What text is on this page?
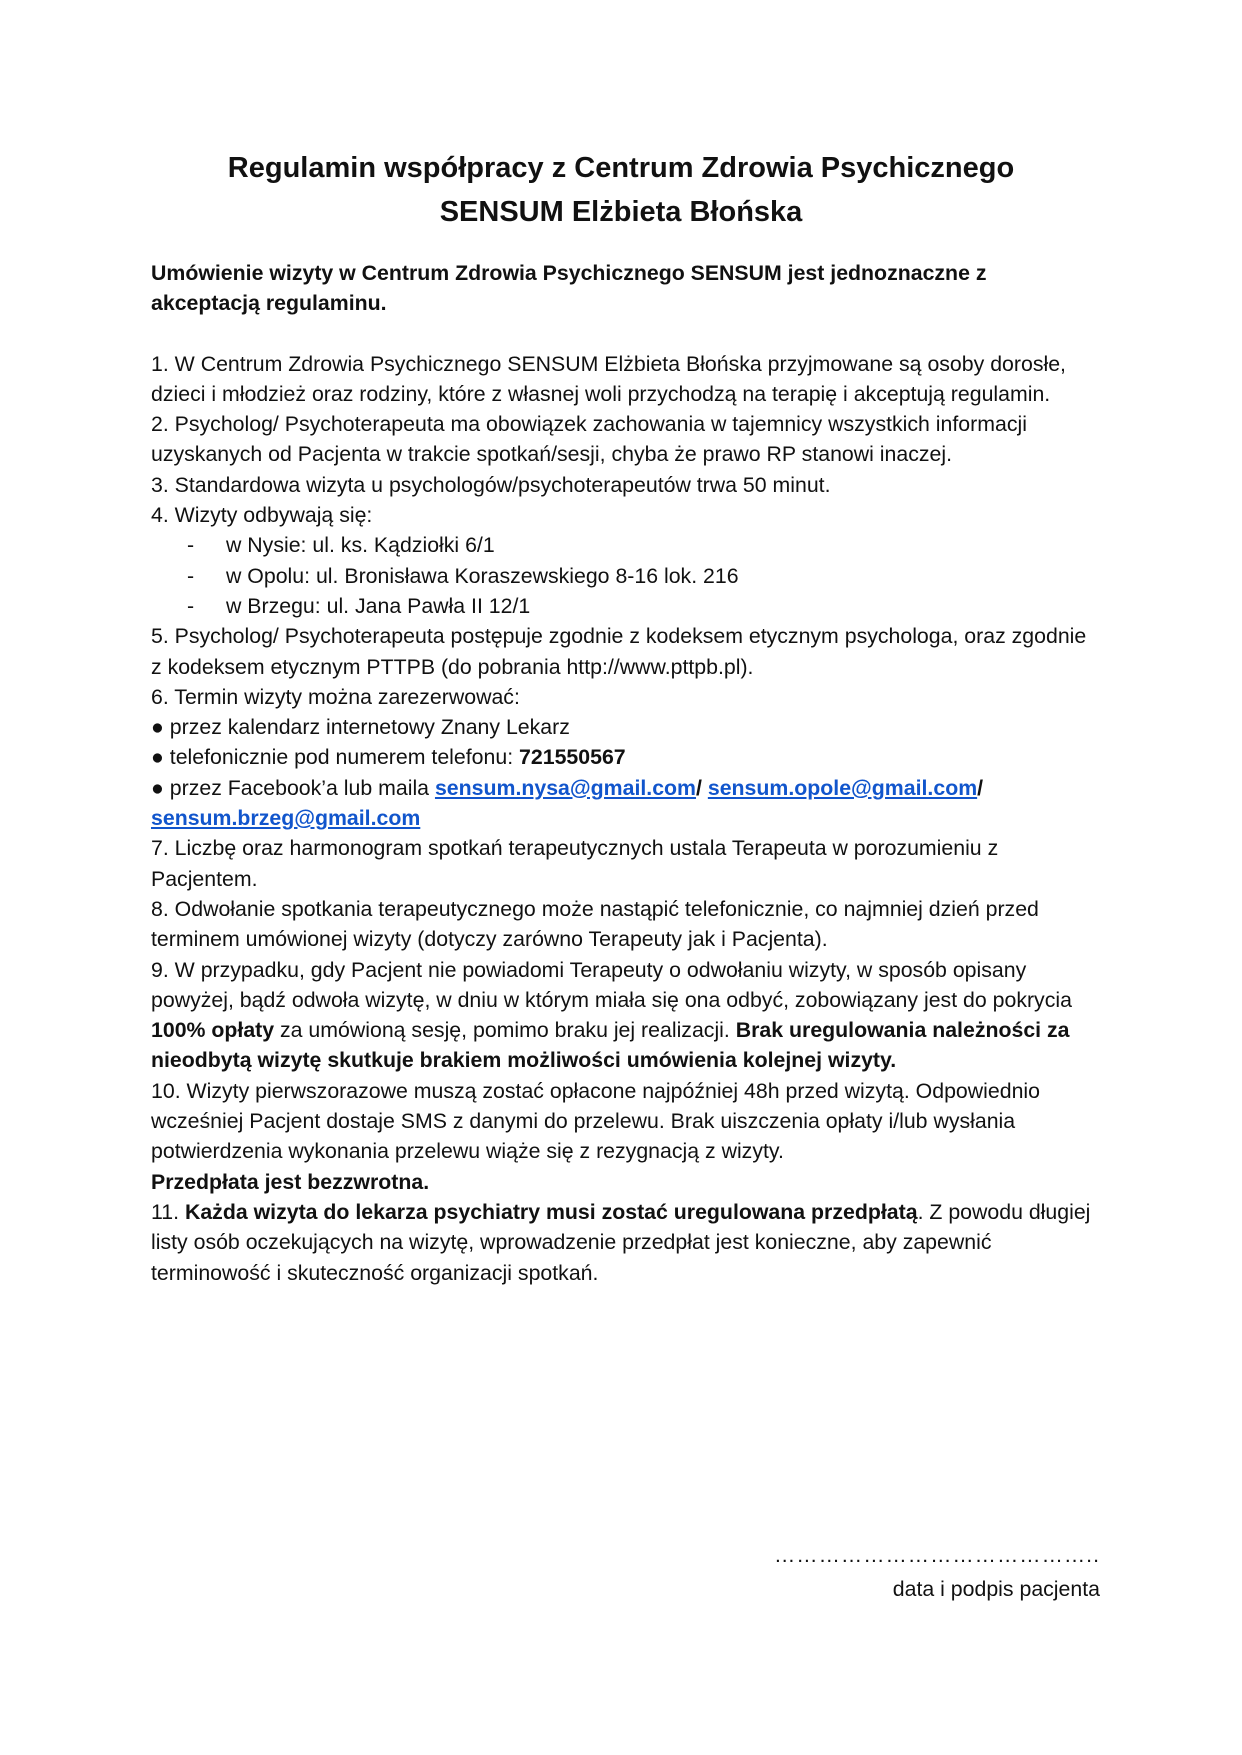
Regulamin współpracy z Centrum Zdrowia Psychicznego
SENSUM Elżbieta Błońska

Umówienie wizyty w Centrum Zdrowia Psychicznego SENSUM jest jednoznaczne z akceptacją regulaminu.

1. W Centrum Zdrowia Psychicznego SENSUM Elżbieta Błońska przyjmowane są osoby dorosłe, dzieci i młodzież oraz rodziny, które z własnej woli przychodzą na terapię i akceptują regulamin.

2. Psycholog/ Psychoterapeuta ma obowiązek zachowania w tajemnicy wszystkich informacji uzyskanych od Pacjenta w trakcie spotkań/sesji, chyba że prawo RP stanowi inaczej.

3. Standardowa wizyta u psychologów/psychoterapeutów trwa 50 minut.

4. Wizyty odbywają się:

-	w Nysie: ul. ks. Kądziołki 6/1
-	w Opolu: ul. Bronisława Koraszewskiego 8-16 lok. 216
-	w Brzegu: ul. Jana Pawła II 12/1

5. Psycholog/ Psychoterapeuta postępuje zgodnie z kodeksem etycznym psychologa, oraz zgodnie z kodeksem etycznym PTTPB (do pobrania http://www.pttpb.pl).

6. Termin wizyty można zarezerwować:

● przez kalendarz internetowy Znany Lekarz

● telefonicznie pod numerem telefonu: 721550567

● przez Facebook’a lub maila sensum.nysa@gmail.com/ sensum.opole@gmail.com/
sensum.brzeg@gmail.com

7. Liczbę oraz harmonogram spotkań terapeutycznych ustala Terapeuta w porozumieniu z Pacjentem.

8. Odwołanie spotkania terapeutycznego może nastąpić telefonicznie, co najmniej dzień przed terminem umówionej wizyty (dotyczy zarówno Terapeuty jak i Pacjenta).

9. W przypadku, gdy Pacjent nie powiadomi Terapeuty o odwołaniu wizyty, w sposób opisany powyżej, bądź odwoła wizytę, w dniu w którym miała się ona odbyć, zobowiązany jest do pokrycia 100% opłaty za umówioną sesję, pomimo braku jej realizacji. Brak uregulowania należności za nieodbytą wizytę skutkuje brakiem możliwości umówienia kolejnej wizyty.

10. Wizyty pierwszorazowe muszą zostać opłacone najpóźniej 48h przed wizytą. Odpowiednio wcześniej Pacjent dostaje SMS z danymi do przelewu. Brak uiszczenia opłaty i/lub wysłania potwierdzenia wykonania przelewu wiąże się z rezygnacją z wizyty.

Przedpłata jest bezzwrotna.

11. Każda wizyta do lekarza psychiatry musi zostać uregulowana przedpłatą. Z powodu długiej listy osób oczekujących na wizytę, wprowadzenie przedpłat jest konieczne, aby zapewnić terminowość i skuteczność organizacji spotkań.

……………………………………..
data i podpis pacjenta
